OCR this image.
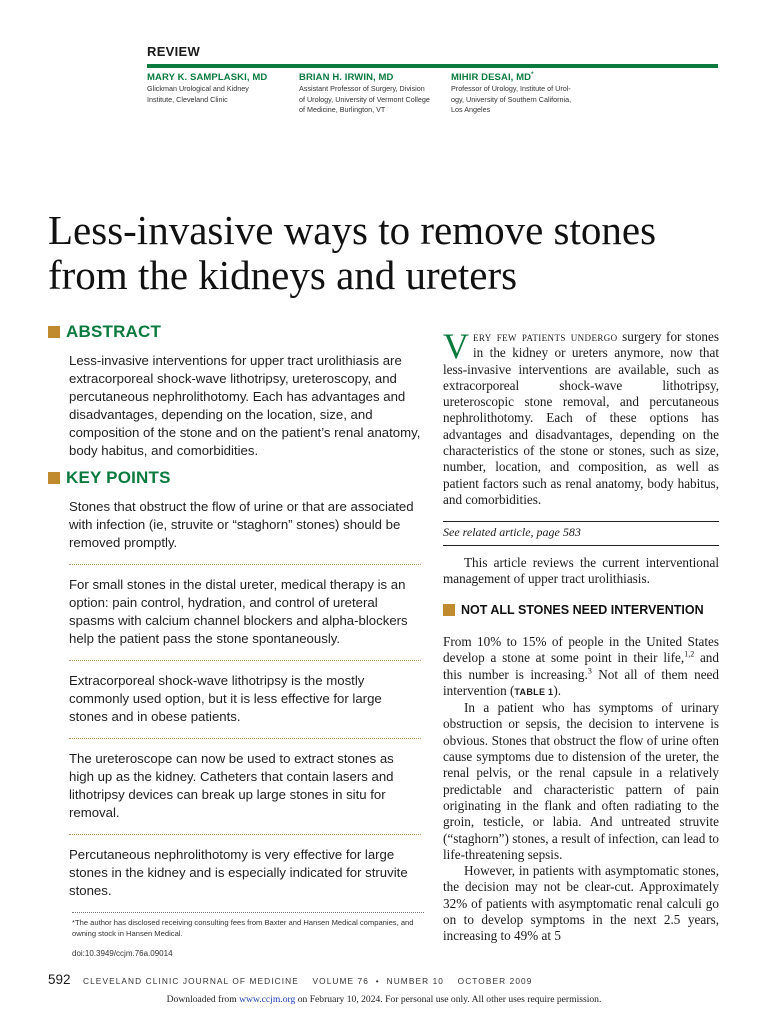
REVIEW
MARY K. SAMPLASKI, MD
Glickman Urological and Kidney
Institute, Cleveland Clinic
BRIAN H. IRWIN, MD
Assistant Professor of Surgery, Division
of Urology, University of Vermont College
of Medicine, Burlington, VT
MIHIR DESAI, MD*
Professor of Urology, Institute of Urol-
ogy, University of Southern California,
Los Angeles
Less-invasive ways to remove stones from the kidneys and ureters
ABSTRACT
Less-invasive interventions for upper tract urolithiasis are extracorporeal shock-wave lithotripsy, ureteroscopy, and percutaneous nephrolithotomy. Each has advantages and disadvantages, depending on the location, size, and composition of the stone and on the patient’s renal anatomy, body habitus, and comorbidities.
KEY POINTS
Stones that obstruct the flow of urine or that are associated with infection (ie, struvite or “staghorn” stones) should be removed promptly.
For small stones in the distal ureter, medical therapy is an option: pain control, hydration, and control of ureteral spasms with calcium channel blockers and alpha-blockers help the patient pass the stone spontaneously.
Extracorporeal shock-wave lithotripsy is the mostly commonly used option, but it is less effective for large stones and in obese patients.
The ureteroscope can now be used to extract stones as high up as the kidney. Catheters that contain lasers and lithotripsy devices can break up large stones in situ for removal.
Percutaneous nephrolithotomy is very effective for large stones in the kidney and is especially indicated for struvite stones.
*The author has disclosed receiving consulting fees from Baxter and Hansen Medical companies, and owning stock in Hansen Medical.
doi:10.3949/ccjm.76a.09014
Very few patients undergo surgery for stones in the kidney or ureters anymore, now that less-invasive interventions are available, such as extracorporeal shock-wave lithotripsy, ureteroscopic stone removal, and percutaneous nephrolithotomy. Each of these options has advantages and disadvantages, depending on the characteristics of the stone or stones, such as size, number, location, and composition, as well as patient factors such as renal anatomy, body habitus, and comorbidities.
See related article, page 583
This article reviews the current interventional management of upper tract urolithiasis.
NOT ALL STONES NEED INTERVENTION

From 10% to 15% of people in the United States develop a stone at some point in their life,$^{1,2}$ and this number is increasing.$^3$ Not all of them need intervention (TABLE 1).

In a patient who has symptoms of urinary obstruction or sepsis, the decision to intervene is obvious. Stones that obstruct the flow of urine often cause symptoms due to distension of the ureter, the renal pelvis, or the renal capsule in a relatively predictable and characteristic pattern of pain originating in the flank and often radiating to the groin, testicle, or labia. And untreated struvite (“staghorn”) stones, a result of infection, can lead to life-threatening sepsis.

However, in patients with asymptomatic stones, the decision may not be clear-cut. Approximately 32% of patients with asymptomatic renal calculi go on to develop symptoms in the next 2.5 years, increasing to 49% at 5

592 CLEVELAND CLINIC JOURNAL OF MEDICINE VOLUME 76 • NUMBER 10 OCTOBER 2009
Downloaded from www.ccjm.org on February 10, 2024. For personal use only. All other uses require permission.
